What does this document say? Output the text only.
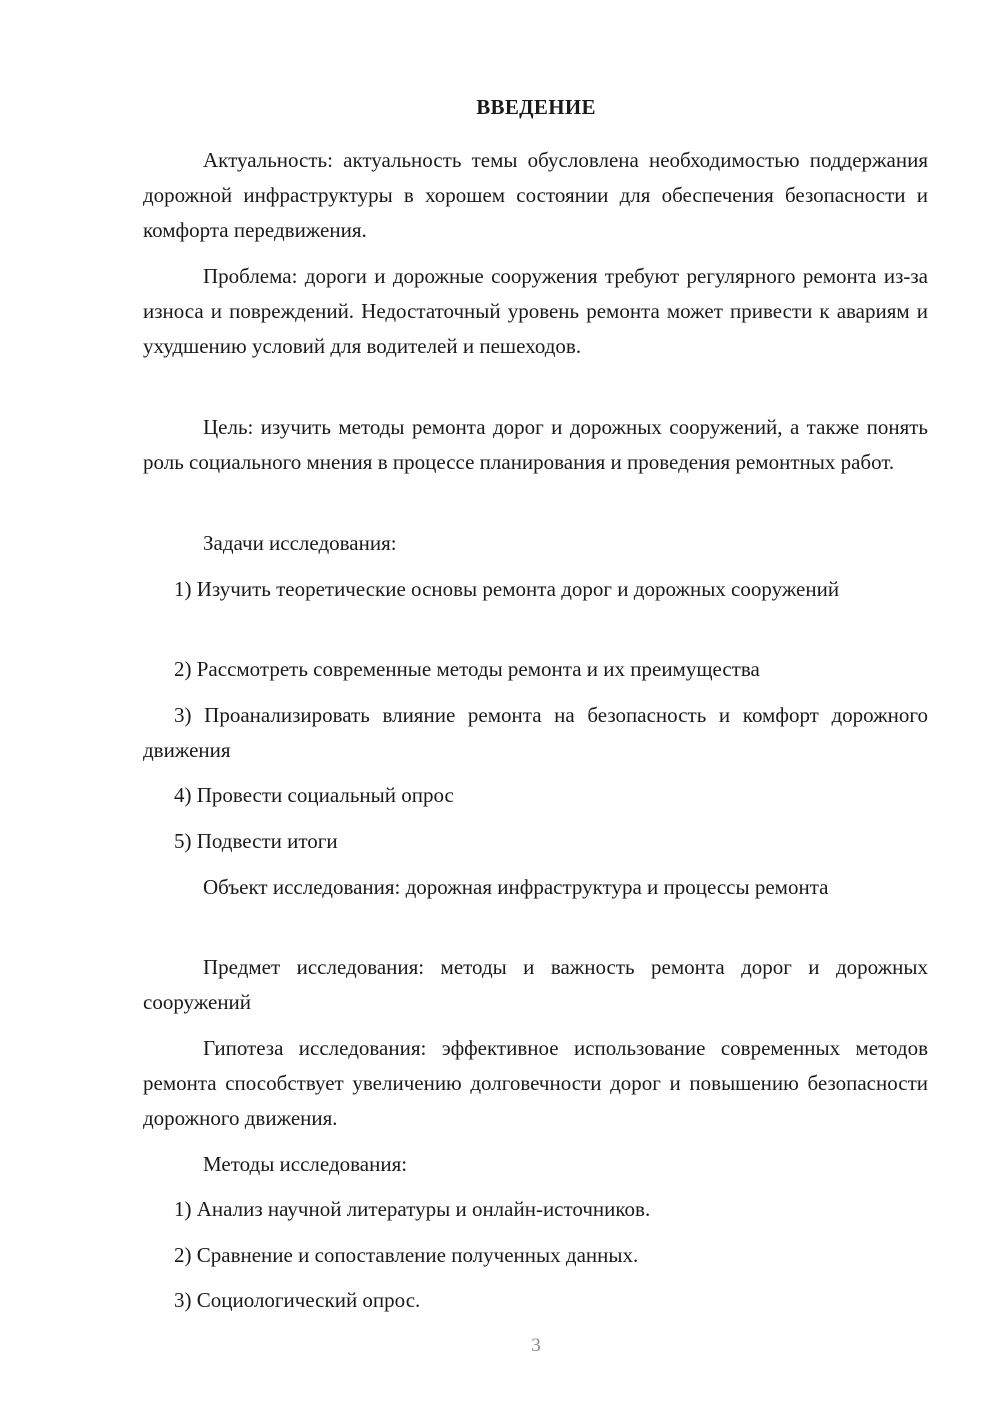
ВВЕДЕНИЕ

Актуальность: актуальность темы обусловлена необходимостью поддержания дорожной инфраструктуры в хорошем состоянии для обеспечения безопасности и комфорта передвижения.

Проблема: дороги и дорожные сооружения требуют регулярного ремонта из-за износа и повреждений. Недостаточный уровень ремонта может привести к авариям и ухудшению условий для водителей и пешеходов.

Цель: изучить методы ремонта дорог и дорожных сооружений, а также понять роль социального мнения в процессе планирования и проведения ремонтных работ.

Задачи исследования:

1) Изучить теоретические основы ремонта дорог и дорожных сооружений

2) Рассмотреть современные методы ремонта и их преимущества

3) Проанализировать влияние ремонта на безопасность и комфорт дорожного движения

4) Провести социальный опрос

5) Подвести итоги

Объект исследования: дорожная инфраструктура и процессы ремонта

Предмет исследования: методы и важность ремонта дорог и дорожных сооружений

Гипотеза исследования: эффективное использование современных методов ремонта способствует увеличению долговечности дорог и повышению безопасности дорожного движения.

Методы исследования:

1) Анализ научной литературы и онлайн-источников.

2) Сравнение и сопоставление полученных данных.

3) Социологический опрос.

3
